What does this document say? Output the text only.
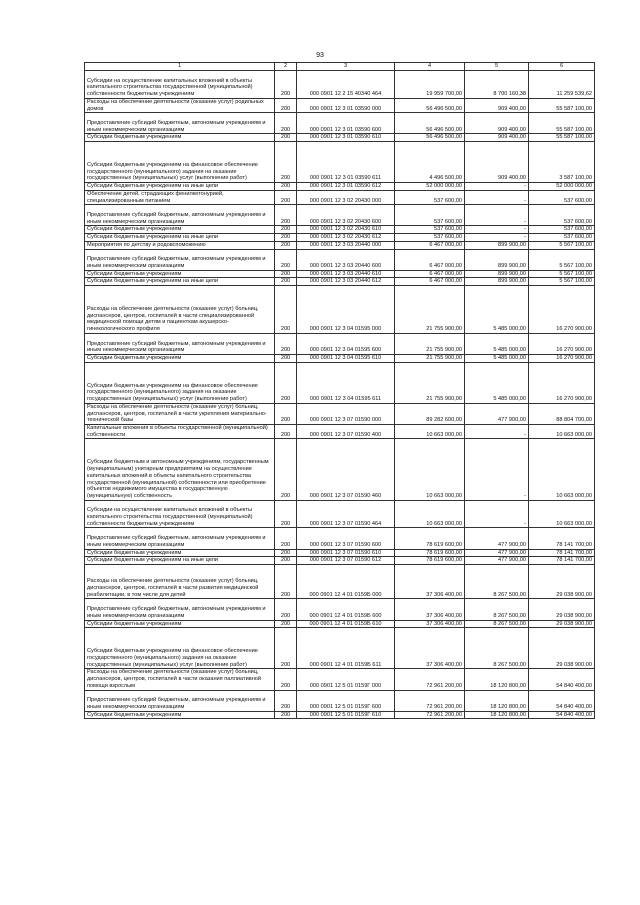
93
1	2	3	4	5	6
Субсидии на осуществление капитальных вложений в объекты капитального строительства государственной (муниципальной) собственности бюджетным учреждениям	200	000 0901 12 2 15 40340 464	19 959 700,00	8 700 160,38	11 259 539,62
Расходы на обеспечение деятельности (оказание услуг) родильных домов	200	000 0901 12 3 01 03590 000	56 496 500,00	909 400,00	55 587 100,00
Предоставление субсидий бюджетным, автономным учреждениям и иным некоммерческим организациям	200	000 0901 12 3 01 03590 600	56 496 500,00	909 400,00	55 587 100,00
Субсидии бюджетным учреждениям	200	000 0901 12 3 01 03590 610	56 496 500,00	909 400,00	55 587 100,00
Субсидии бюджетным учреждениям на финансовое обеспечение государственного (муниципального) задания на оказание государственных (муниципальных) услуг (выполнение работ)	200	000 0901 12 3 01 03590 611	4 496 500,00	909 400,00	3 587 100,00
Субсидии бюджетным учреждениям на иные цели	200	000 0901 12 3 01 03590 612	52 000 000,00	-	52 000 000,00
Обеспечение детей, страдающих фенилкетонурией, специализированным питанием	200	000 0901 12 3 02 20430 000	537 600,00	-	537 600,00
Предоставление субсидий бюджетным, автономным учреждениям и иным некоммерческим организациям	200	000 0901 12 3 02 20430 600	537 600,00	-	537 600,00
Субсидии бюджетным учреждениям	200	000 0901 12 3 02 20430 610	537 600,00	-	537 600,00
Субсидии бюджетным учреждениям на иные цели	200	000 0901 12 3 02 20430 612	537 600,00	-	537 600,00
Мероприятия по детству и родовспоможению	200	000 0901 12 3 03 20440 000	6 467 000,00	899 900,00	5 567 100,00
Предоставление субсидий бюджетным, автономным учреждениям и иным некоммерческим организациям	200	000 0901 12 3 03 20440 600	6 467 000,00	899 900,00	5 567 100,00
Субсидии бюджетным учреждениям	200	000 0901 12 3 03 20440 610	6 467 000,00	899 900,00	5 567 100,00
Субсидии бюджетным учреждениям на иные цели	200	000 0901 12 3 03 20440 612	6 467 000,00	899 900,00	5 567 100,00
Расходы на обеспечение деятельности (оказание услуг) больниц, диспансеров, центров, госпиталей в части специализированной медицинской помощи детям и пациенткам акушерско-гинекологического профиля	200	000 0901 12 3 04 01595 000	21 755 900,00	5 485 000,00	16 270 900,00
Предоставление субсидий бюджетным, автономным учреждениям и иным некоммерческим организациям	200	000 0901 12 3 04 01595 600	21 755 900,00	5 485 000,00	16 270 900,00
Субсидии бюджетным учреждениям	200	000 0901 12 3 04 01595 610	21 755 900,00	5 485 000,00	16 270 900,00
Субсидии бюджетным учреждениям на финансовое обеспечение государственного (муниципального) задания на оказание государственных (муниципальных) услуг (выполнение работ)	200	000 0901 12 3 04 01595 611	21 755 900,00	5 485 000,00	16 270 900,00
Расходы на обеспечение деятельности (оказание услуг) больниц, диспансеров, центров, госпиталей в части укрепления материально-технической базы	200	000 0901 12 3 07 01590 000	89 282 600,00	477 900,00	88 804 700,00
Капитальные вложения в объекты государственной (муниципальной) собственности	200	000 0901 12 3 07 01590 400	10 663 000,00	-	10 663 000,00
Субсидии бюджетным и автономным учреждениям, государственным (муниципальным) унитарным предприятиям на осуществление капитальных вложений в объекты капитального строительства государственной (муниципальной) собственности или приобретение объектов недвижимого имущества в государственную (муниципальную) собственность	200	000 0901 12 3 07 01590 460	10 663 000,00	-	10 663 000,00
Субсидии на осуществление капитальных вложений в объекты капитального строительства государственной (муниципальной) собственности бюджетным учреждениям	200	000 0901 12 3 07 01590 464	10 663 000,00	-	10 663 000,00
Предоставление субсидий бюджетным, автономным учреждениям и иным некоммерческим организациям	200	000 0901 12 3 07 01590 600	78 619 600,00	477 900,00	78 141 700,00
Субсидии бюджетным учреждениям	200	000 0901 12 3 07 01590 610	78 619 600,00	477 900,00	78 141 700,00
Субсидии бюджетным учреждениям на иные цели	200	000 0901 12 3 07 01590 612	78 619 600,00	477 900,00	78 141 700,00
Расходы на обеспечение деятельности (оказание услуг) больниц, диспансеров, центров, госпиталей в части развития медицинской реабилитации, в том числе для детей	200	000 0901 12 4 01 0159Б 000	37 306 400,00	8 267 500,00	29 038 900,00
Предоставление субсидий бюджетным, автономным учреждениям и иным некоммерческим организациям	200	000 0901 12 4 01 0159Б 600	37 306 400,00	8 267 500,00	29 038 900,00
Субсидии бюджетным учреждениям	200	000 0901 12 4 01 0159Б 610	37 306 400,00	8 267 500,00	29 038 900,00
Субсидии бюджетным учреждениям на финансовое обеспечение государственного (муниципального) задания на оказание государственных (муниципальных) услуг (выполнение работ)	200	000 0901 12 4 01 0159Б 611	37 306 400,00	8 267 500,00	29 038 900,00
Расходы на обеспечение деятельности (оказание услуг) больниц, диспансеров, центров, госпиталей в части оказания паллиативной помощи взрослым	200	000 0901 12 5 01 0159Г 000	72 961 200,00	18 120 800,00	54 840 400,00
Предоставление субсидий бюджетным, автономным учреждениям и иным некоммерческим организациям	200	000 0901 12 5 01 0159Г 600	72 961 200,00	18 120 800,00	54 840 400,00
Субсидии бюджетным учреждениям	200	000 0901 12 5 01 0159Г 610	72 961 200,00	18 120 800,00	54 840 400,00
